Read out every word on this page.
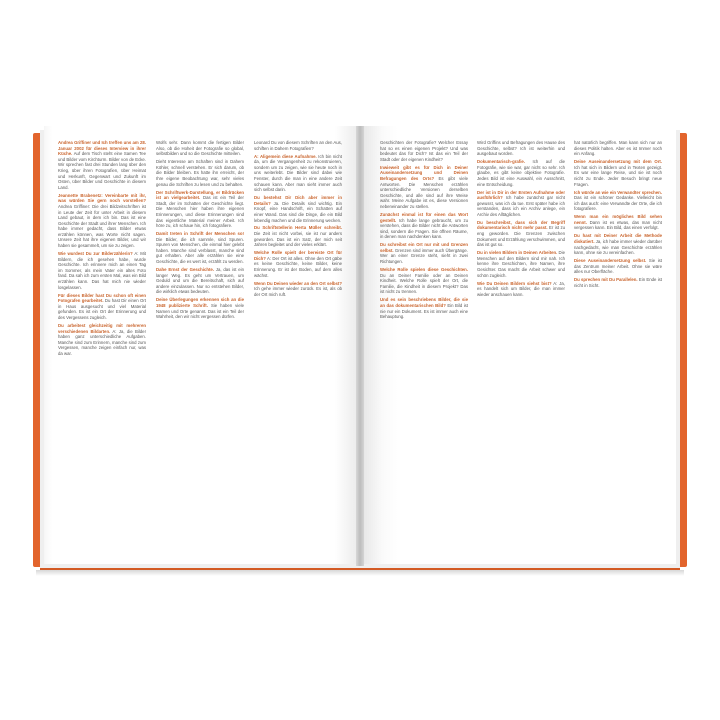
Andrea Griffiner und Ich treffen uns am 28. Januar 2002 für dieses Interview in ihrer Küche. Auf dem Tisch steht eine Samen Tee und Bilder vom Kirchturm. Bilder von de Ecke. Wir sprechen fast drei Stunden lang über den Krieg, über ihren Fotografien, über Heimat und Herkunft, Gegenwart und Zukunft im Osten, über Bilder und Geschichte in diesem Land.

Jeannette Brabenetz: Vereinbarte mit ihr, was würden Sie gern noch vorstellen? Andrea Griffiner: Die drei Bildzeitschriften ist in Leute der Zeit für unter Arbeit in diesem Land gebaut, in dem ich bin. Das ist eine Geschichte der Stadt und ihrer Menschen. Ich habe immer gedacht, dass Bilder etwas erzählen können, was Worte nicht sagen. Unsere Zeit hat ihre eigenen Bilder, und wir haben sie gesammelt, um sie zu zeigen.

Wie wurdest Du zur Bilderzählerin? A: Mit Bildern, die ich gesehen habe, wurde Geschichte. Ich erinnere mich an einen Tag im Sommer, als mein Vater ein altes Foto fand. Da sah ich zum ersten Mal, was ein Bild erzählen kann. Das hat mich nie wieder losgelassen.

Für dieses Bilder hast Du schon oft einen Fotografen gearbeitet. Du hast Dir einen Ort in Haus ausgesucht und viel Material gefunden. Es ist ein Ort der Erinnerung und des Vergessens zugleich.

Du arbeitest gleichzeitig mit mehreren verschiedenen Bildarten. A: Ja, die Bilder haben ganz unterschiedliche Aufgaben. Manche sind zum Erinnern, manche sind zum Vergessen, manche zeigen einfach nur, was da war.

Wolfs sehr. Dann kommt die fertigen Bilder Also, ob die Hoheit der Fotografie so global, selbstbilden und so die Geschichte mitteilen.

Dieht Interesse am Schaften sind in Dahem Köhler, schnell verstehen. Er sich darum, ob die Bilder bleiben. Es hatte ihn erreicht, der Ihre eigene Beobachtung war, sehr vieles genau die Schriften zu lesen und zu behalten.

Der Schriftwerk-Darstellung, er Bildrücken ist an vielgearbeitet. Das ist ein Teil der Stadt, der im Schatten der Geschichte liegt. Die Menschen hier haben ihre eigenen Erinnerungen, und diese Erinnerungen sind das eigentliche Material meiner Arbeit. Ich höre zu, ich schaue hin, ich fotografiere.

Damit treten in Schrift der Menschen so! Die Bilder, die ich sammle, sind Spuren. Spuren von Menschen, die einmal hier gelebt haben. Manche sind verblasst, manche sind gut erhalten. Aber alle erzählen sie eine Geschichte, die es wert ist, erzählt zu werden.

Dahe Ernst der Geschichte. Ja, das ist ein langer Weg. Es geht um Vertrauen, um Geduld und um die Bereitschaft, sich auf andere einzulassen. Nur so entstehen Bilder, die wirklich etwas bedeuten.

Deine Überlegungen erkennen sich an die 1948 publizierte Schrift. Sie haben viele Namen und Orte genannt. Das ist ein Teil der Wahrheit, den wir nicht vergessen dürfen.

Leonard Du von diesem Schriften an den Aus, schiften in Dahem Fotografien?

A: Aligemein diese Aufnahme. Ich bin nicht da, um die Vergangenheit zu rekonstruieren, sondern um zu zeigen, wie sie heute noch in uns weiterlebt. Die Bilder sind dabei wie Fenster, durch die man in eine andere Zeit schauen kann. Aber man sieht immer auch sich selbst darin.

Du bestehst Dir Dich aber immer in Details? Ja. Die Details sind wichtig. Ein Knopf, eine Handschrift, ein Schatten auf einer Wand. Das sind die Dinge, die ein Bild lebendig machen und die Erinnerung wecken.

Du Schriftstellerin Herta Müller schreibt. Die Zeit ist nicht vorbei, sie ist nur anders geworden. Das ist ein Satz, der mich seit Jahren begleitet und der vieles erklärt.

Welche Rolle spielt der bereiste Ort für Dich? A: Der Ort ist alles. Ohne den Ort gäbe es keine Geschichte, keine Bilder, keine Erinnerung. Er ist der Boden, auf dem alles wächst.

Wenn Du Deinen wieder an den Ort selbst? Ich gehe immer wieder zurück. Es ist, als ob der Ort mich ruft.

Geschichten der Fotografie? Welcher Essay hat so es einen eigenen Projekt? Und was bedeutet das für Dich? Ist das ein Teil der Stadt oder der eigenen Kindheit?

Inwieweit gibt es für Dich in Deiner Auseinandersetzung und Deinen Befragungen des Orts? Es gibt viele Antworten. Die Menschen erzählen unterschiedliche Versionen derselben Geschichte, und alle sind auf ihre Weise wahr. Meine Aufgabe ist es, diese Versionen nebeneinander zu stellen.

Zunächst einmal ist für einen das Wort gestellt. Ich habe lange gebraucht, um zu verstehen, dass die Bilder nicht die Antworten sind, sondern die Fragen. Sie öffnen Räume, in denen man nachdenken kann.

Du schreibst ein Ort nur mit und Grenzen selbst. Grenzen sind immer auch Übergänge. Wer an einer Grenze steht, sieht in zwei Richtungen.

Welche Rolle spielen diese Geschichten. Du an Deiner Familie oder an Deinen Kindheit. Welche Rolle spielt der Ort, die Familie, die Kindheit in diesem Projekt? Das ist nicht zu trennen.

Und es sein beschriebens Bilder, die sie an das dokumentarischen Bild? Ein Bild ist nie nur ein Dokument. Es ist immer auch eine Behauptung.

Wird Griffins und Befragungen des Hause des Geschichte, selbst? Ich ist weiterhin und ausgebaut worden.

Dokumentarisch-grafie. Ich auf die Fotografie, wie sie war, gar nicht so sehr. Ich glaube, es gibt keine objektive Fotografie. Jedes Bild ist eine Auswahl, ein Ausschnitt, eine Entscheidung.

Der ist in Dir in der Ersten Aufnahme oder ausführlich? Ich habe zunächst gar nicht gewusst, was ich da tue. Erst später habe ich verstanden, dass ich ein Archiv anlege, ein Archiv des Alltäglichen.

Du beschreibst, dass sich der Begriff dokumentarisch nicht mehr passt. Er ist zu eng geworden. Die Grenzen zwischen Dokument und Erzählung verschwimmen, und das ist gut so.

Du in vielen Bildern in Deinen Arbeiten. Die Menschen auf den Bildern sind mir nah. Ich kenne ihre Geschichten, ihre Namen, ihre Gesichter. Das macht die Arbeit schwer und schön zugleich.

Wie Du Deinen Bildern siehst bist? A: Ja, es handelt sich um Bilder, die man immer wieder anschauen kann.

hat natürlich begriffen. Man kann sich nur an dieses Politik halten. Aber es ist Immer noch ein Anfang.

Deine Auseinandersetzung mit dem Ort. Ich hat sich in Bildern und in Texten gezeigt. Es war eine lange Reise, und sie ist noch nicht zu Ende. Jeder Besuch bringt neue Fragen.

Ich würde an wie ein Verwandter sprechen. Das ist ein schöner Gedanke. Vielleicht bin ich das auch: eine Verwandte der Orte, die ich fotografiere.

Wenn man ein mögliches Bild sehen nennt. Dann ist es etwas, das man nicht vergessen kann. Ein Bild, das einen verfolgt.

Du hast mit Deiner Arbeit die Methode diskutiert. Ja, ich habe immer wieder darüber nachgedacht, wie man Geschichte erzählen kann, ohne sie zu vereinfachen.

Diese Auseinandersetzung selbst. Sie ist das Zentrum meiner Arbeit. Ohne sie wäre alles nur Oberfläche.

Du sprechen mit Du Parallelen. Ein Ende ist nicht in Sicht.
